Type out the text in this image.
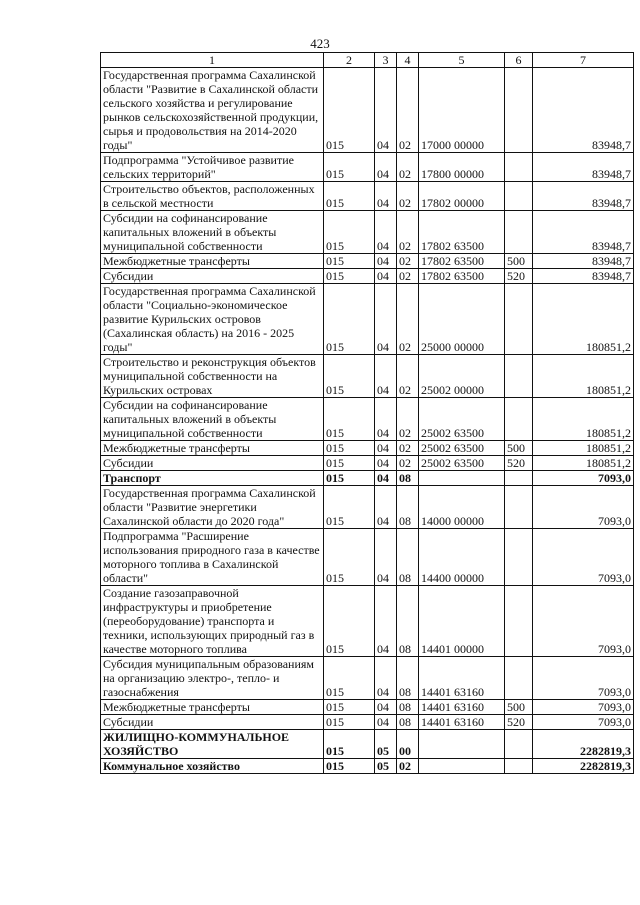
423
1	2	3	4	5	6	7
Государственная программа Сахалинской области "Развитие в Сахалинской области сельского хозяйства и регулирование рынков сельскохозяйственной продукции, сырья и продовольствия на 2014-2020 годы"	015	04	02	17000 00000		83948,7
Подпрограмма "Устойчивое развитие сельских территорий"	015	04	02	17800 00000		83948,7
Строительство объектов, расположенных в сельской местности	015	04	02	17802 00000		83948,7
Субсидии на софинансирование капитальных вложений в объекты муниципальной собственности	015	04	02	17802 63500		83948,7
Межбюджетные трансферты	015	04	02	17802 63500	500	83948,7
Субсидии	015	04	02	17802 63500	520	83948,7
Государственная программа Сахалинской области "Социально-экономическое развитие Курильских островов (Сахалинская область) на 2016 - 2025 годы"	015	04	02	25000 00000		180851,2
Строительство и реконструкция объектов муниципальной собственности на Курильских островах	015	04	02	25002 00000		180851,2
Субсидии на софинансирование капитальных вложений в объекты муниципальной собственности	015	04	02	25002 63500		180851,2
Межбюджетные трансферты	015	04	02	25002 63500	500	180851,2
Субсидии	015	04	02	25002 63500	520	180851,2
Транспорт	015	04	08			7093,0
Государственная программа Сахалинской области "Развитие энергетики Сахалинской области до 2020 года"	015	04	08	14000 00000		7093,0
Подпрограмма "Расширение использования природного газа в качестве моторного топлива в Сахалинской области"	015	04	08	14400 00000		7093,0
Создание газозаправочной инфраструктуры и приобретение (переоборудование) транспорта и техники, использующих природный газ в качестве моторного топлива	015	04	08	14401 00000		7093,0
Субсидия муниципальным образованиям на организацию электро-, тепло- и газоснабжения	015	04	08	14401 63160		7093,0
Межбюджетные трансферты	015	04	08	14401 63160	500	7093,0
Субсидии	015	04	08	14401 63160	520	7093,0
ЖИЛИЩНО-КОММУНАЛЬНОЕ ХОЗЯЙСТВО	015	05	00			2282819,3
Коммунальное хозяйство	015	05	02			2282819,3
